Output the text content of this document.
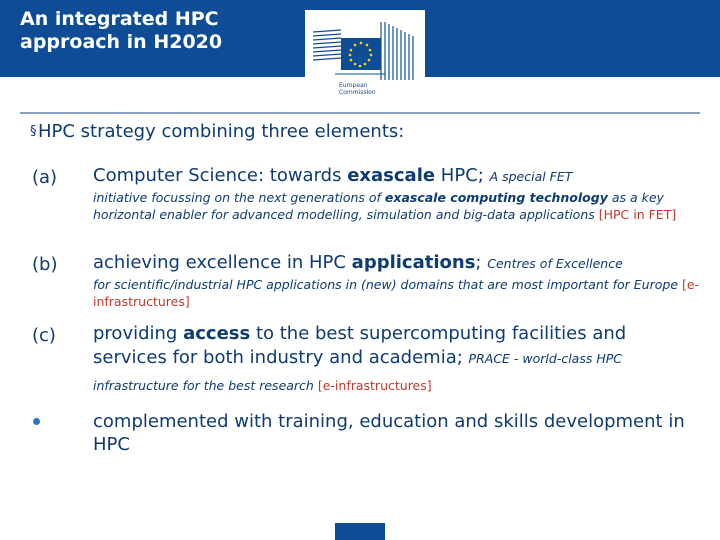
An integrated HPC
approach in H2020
European
Commission
§ HPC strategy combining three elements:
(a) Computer Science: towards exascale HPC; A special FET
initiative focussing on the next generations of exascale computing technology as a key horizontal enabler for advanced modelling, simulation and big-data applications [HPC in FET]
(b) achieving excellence in HPC applications; Centres of Excellence
for scientific/industrial HPC applications in (new) domains that are most important for Europe [e-infrastructures]
(c) providing access to the best supercomputing facilities and services for both industry and academia; PRACE - world-class HPC
infrastructure for the best research [e-infrastructures]
complemented with training, education and skills development in HPC
